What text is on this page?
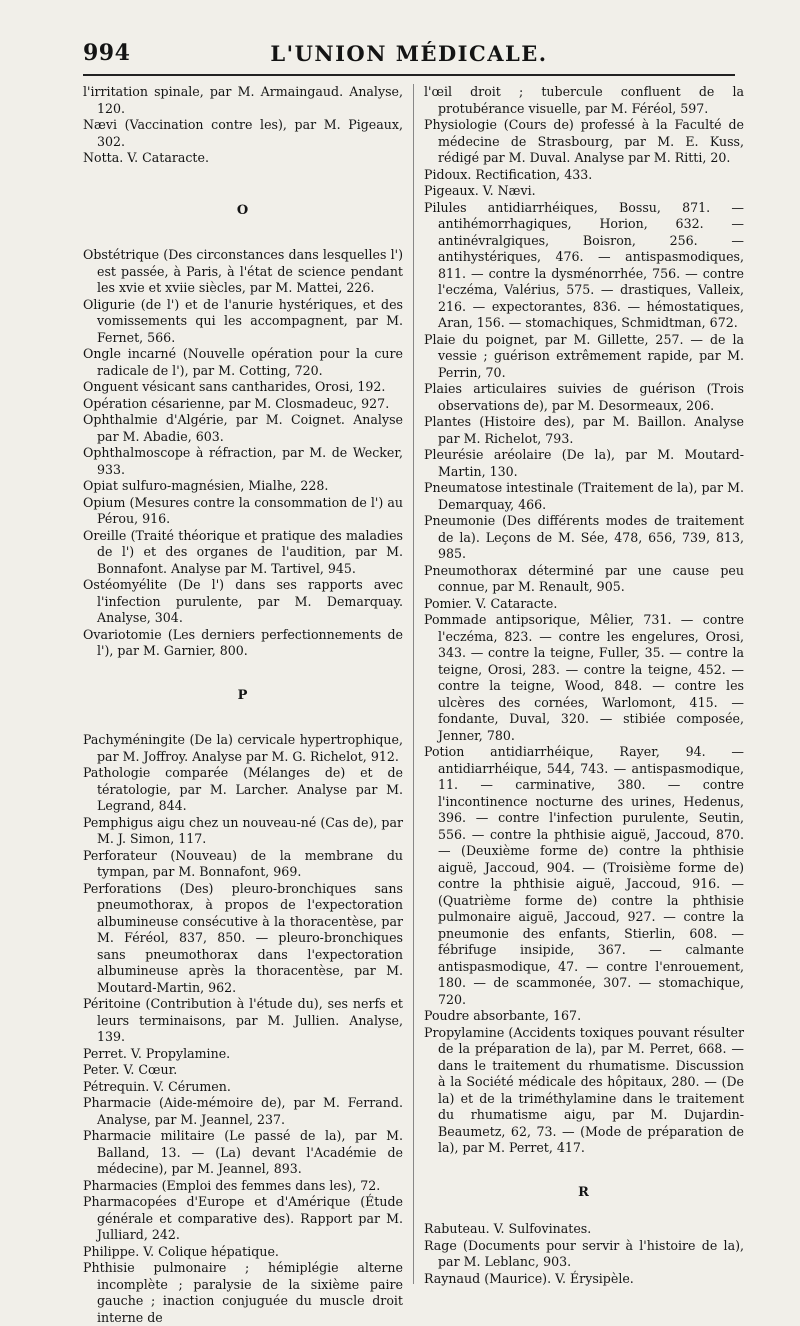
994	L'UNION MÉDICALE.

l'irritation spinale, par M. Armaingaud. Analyse, 120.

Nævi (Vaccination contre les), par M. Pigeaux, 302.

Notta. V. Cataracte.

O

Obstétrique (Des circonstances dans lesquelles l') est passée, à Paris, à l'état de science pendant les xvie et xviie siècles, par M. Mattei, 226.

Oligurie (de l') et de l'anurie hystériques, et des vomissements qui les accompagnent, par M. Fernet, 566.

Ongle incarné (Nouvelle opération pour la cure radicale de l'), par M. Cotting, 720.

Onguent vésicant sans cantharides, Orosi, 192.

Opération césarienne, par M. Closmadeuc, 927.

Ophthalmie d'Algérie, par M. Coignet. Analyse par M. Abadie, 603.

Ophthalmoscope à réfraction, par M. de Wecker, 933.

Opiat sulfuro-magnésien, Mialhe, 228.

Opium (Mesures contre la consommation de l') au Pérou, 916.

Oreille (Traité théorique et pratique des maladies de l') et des organes de l'audition, par M. Bonnafont. Analyse par M. Tartivel, 945.

Ostéomyélite (De l') dans ses rapports avec l'infection purulente, par M. Demarquay. Analyse, 304.

Ovariotomie (Les derniers perfectionnements de l'), par M. Garnier, 800.

P

Pachyméningite (De la) cervicale hypertrophique, par M. Joffroy. Analyse par M. G. Richelot, 912.

Pathologie comparée (Mélanges de) et de tératologie, par M. Larcher. Analyse par M. Legrand, 844.

Pemphigus aigu chez un nouveau-né (Cas de), par M. J. Simon, 117.

Perforateur (Nouveau) de la membrane du tympan, par M. Bonnafont, 969.

Perforations (Des) pleuro-bronchiques sans pneumothorax, à propos de l'expectoration albumineuse consécutive à la thoracentèse, par M. Féréol, 837, 850. — pleuro-bronchiques sans pneumothorax dans l'expectoration albumineuse après la thoracentèse, par M. Moutard-Martin, 962.

Péritoine (Contribution à l'étude du), ses nerfs et leurs terminaisons, par M. Jullien. Analyse, 139.

Perret. V. Propylamine.

Peter. V. Cœur.

Pétrequin. V. Cérumen.

Pharmacie (Aide-mémoire de), par M. Ferrand. Analyse, par M. Jeannel, 237.

Pharmacie militaire (Le passé de la), par M. Balland, 13. — (La) devant l'Académie de médecine), par M. Jeannel, 893.

Pharmacies (Emploi des femmes dans les), 72.

Pharmacopées d'Europe et d'Amérique (Étude générale et comparative des). Rapport par M. Julliard, 242.

Philippe. V. Colique hépatique.

Phthisie pulmonaire ; hémiplégie alterne incomplète ; paralysie de la sixième paire gauche ; inaction conjuguée du muscle droit interne de

l'œil droit ; tubercule confluent de la protubérance visuelle, par M. Féréol, 597.

Physiologie (Cours de) professé à la Faculté de médecine de Strasbourg, par M. E. Kuss, rédigé par M. Duval. Analyse par M. Ritti, 20.

Pidoux. Rectification, 433.

Pigeaux. V. Nævi.

Pilules antidiarrhéiques, Bossu, 871. — antihémorrhagiques, Horion, 632. — antinévralgiques, Boisron, 256. — antihystériques, 476. — antispasmodiques, 811. — contre la dysménorrhée, 756. — contre l'eczéma, Valérius, 575. — drastiques, Valleix, 216. — expectorantes, 836. — hémostatiques, Aran, 156. — stomachiques, Schmidtman, 672.

Plaie du poignet, par M. Gillette, 257. — de la vessie ; guérison extrêmement rapide, par M. Perrin, 70.

Plaies articulaires suivies de guérison (Trois observations de), par M. Desormeaux, 206.

Plantes (Histoire des), par M. Baillon. Analyse par M. Richelot, 793.

Pleurésie aréolaire (De la), par M. Moutard-Martin, 130.

Pneumatose intestinale (Traitement de la), par M. Demarquay, 466.

Pneumonie (Des différents modes de traitement de la). Leçons de M. Sée, 478, 656, 739, 813, 985.

Pneumothorax déterminé par une cause peu connue, par M. Renault, 905.

Pomier. V. Cataracte.

Pommade antipsorique, Mêlier, 731. — contre l'eczéma, 823. — contre les engelures, Orosi, 343. — contre la teigne, Fuller, 35. — contre la teigne, Orosi, 283. — contre la teigne, 452. — contre la teigne, Wood, 848. — contre les ulcères des cornées, Warlomont, 415. — fondante, Duval, 320. — stibiée composée, Jenner, 780.

Potion antidiarrhéique, Rayer, 94. — antidiarrhéique, 544, 743. — antispasmodique, 11. — carminative, 380. — contre l'incontinence nocturne des urines, Hedenus, 396. — contre l'infection purulente, Seutin, 556. — contre la phthisie aiguë, Jaccoud, 870. — (Deuxième forme de) contre la phthisie aiguë, Jaccoud, 904. — (Troisième forme de) contre la phthisie aiguë, Jaccoud, 916. — (Quatrième forme de) contre la phthisie pulmonaire aiguë, Jaccoud, 927. — contre la pneumonie des enfants, Stierlin, 608. — fébrifuge insipide, 367. — calmante antispasmodique, 47. — contre l'enrouement, 180. — de scammonée, 307. — stomachique, 720.

Poudre absorbante, 167.

Propylamine (Accidents toxiques pouvant résulter de la préparation de la), par M. Perret, 668. — dans le traitement du rhumatisme. Discussion à la Société médicale des hôpitaux, 280. — (De la) et de la triméthylamine dans le traitement du rhumatisme aigu, par M. Dujardin-Beaumetz, 62, 73. — (Mode de préparation de la), par M. Perret, 417.

R

Rabuteau. V. Sulfovinates.

Rage (Documents pour servir à l'histoire de la), par M. Leblanc, 903.

Raynaud (Maurice). V. Érysipèle.
